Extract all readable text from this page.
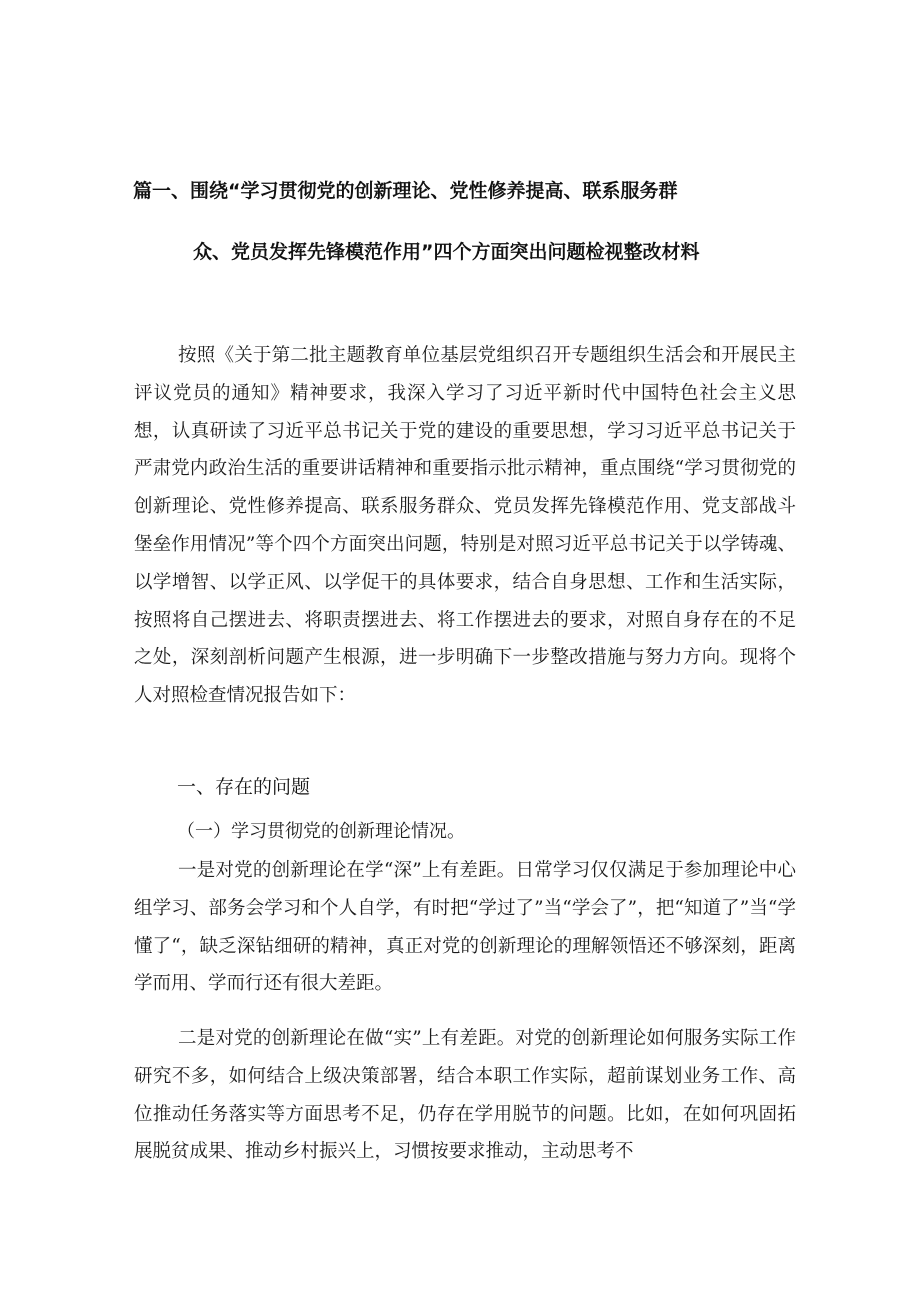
篇一、围绕“学习贯彻党的创新理论、党性修养提高、联系服务群
众、党员发挥先锋模范作用”四个方面突出问题检视整改材料
按照《关于第二批主题教育单位基层党组织召开专题组织生活会和开展民主评议党员的通知》精神要求，我深入学习了习近平新时代中国特色社会主义思想，认真研读了习近平总书记关于党的建设的重要思想，学习习近平总书记关于严肃党内政治生活的重要讲话精神和重要指示批示精神，重点围绕“学习贯彻党的创新理论、党性修养提高、联系服务群众、党员发挥先锋模范作用、党支部战斗堡垒作用情况”等个四个方面突出问题，特别是对照习近平总书记关于以学铸魂、以学增智、以学正风、以学促干的具体要求，结合自身思想、工作和生活实际，按照将自己摆进去、将职责摆进去、将工作摆进去的要求，对照自身存在的不足之处，深刻剖析问题产生根源，进一步明确下一步整改措施与努力方向。现将个人对照检查情况报告如下：
一、存在的问题
（一）学习贯彻党的创新理论情况。
一是对党的创新理论在学“深”上有差距。日常学习仅仅满足于参加理论中心组学习、部务会学习和个人自学，有时把“学过了”当“学会了”，把“知道了”当“学懂了“，缺乏深钻细研的精神，真正对党的创新理论的理解领悟还不够深刻，距离学而用、学而行还有很大差距。
二是对党的创新理论在做“实”上有差距。对党的创新理论如何服务实际工作研究不多，如何结合上级决策部署，结合本职工作实际，超前谋划业务工作、高位推动任务落实等方面思考不足，仍存在学用脱节的问题。比如，在如何巩固拓展脱贫成果、推动乡村振兴上，习惯按要求推动，主动思考不
